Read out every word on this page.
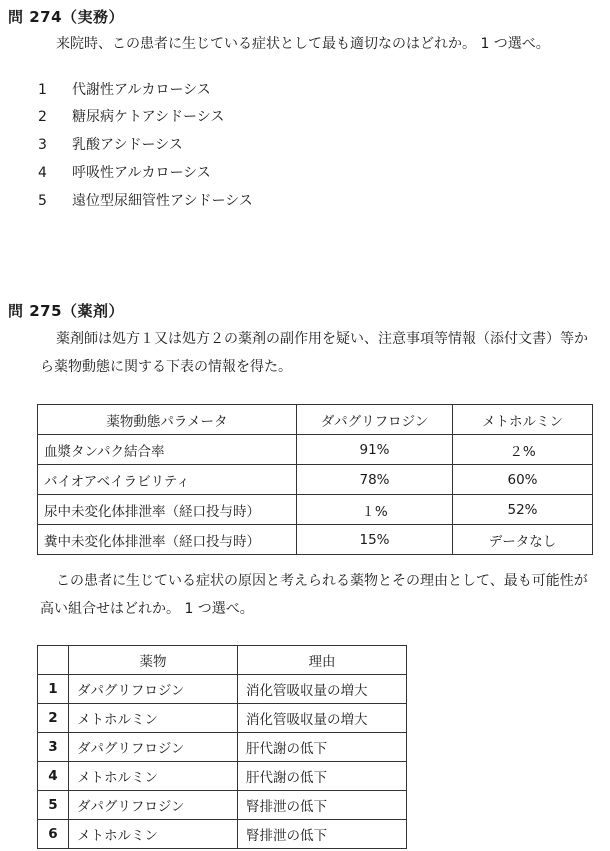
問 274（実務）
来院時、この患者に生じている症状として最も適切なのはどれか。 1 つ選べ。
1 代謝性アルカローシス
2 糖尿病ケトアシドーシス
3 乳酸アシドーシス
4 呼吸性アルカローシス
5 遠位型尿細管性アシドーシス
問 275（薬剤）
薬剤師は処方１又は処方２の薬剤の副作用を疑い、注意事項等情報（添付文書）等から薬物動態に関する下表の情報を得た。
薬物動態パラメータ	ダパグリフロジン	メトホルミン
血漿タンパク結合率	91%	２%
バイオアベイラビリティ	78%	60%
尿中未変化体排泄率（経口投与時）	１%	52%
糞中未変化体排泄率（経口投与時）	15%	データなし
この患者に生じている症状の原因と考えられる薬物とその理由として、最も可能性が高い組合せはどれか。 1 つ選べ。
	薬物	理由
1	ダパグリフロジン	消化管吸収量の増大
2	メトホルミン	消化管吸収量の増大
3	ダパグリフロジン	肝代謝の低下
4	メトホルミン	肝代謝の低下
5	ダパグリフロジン	腎排泄の低下
6	メトホルミン	腎排泄の低下
